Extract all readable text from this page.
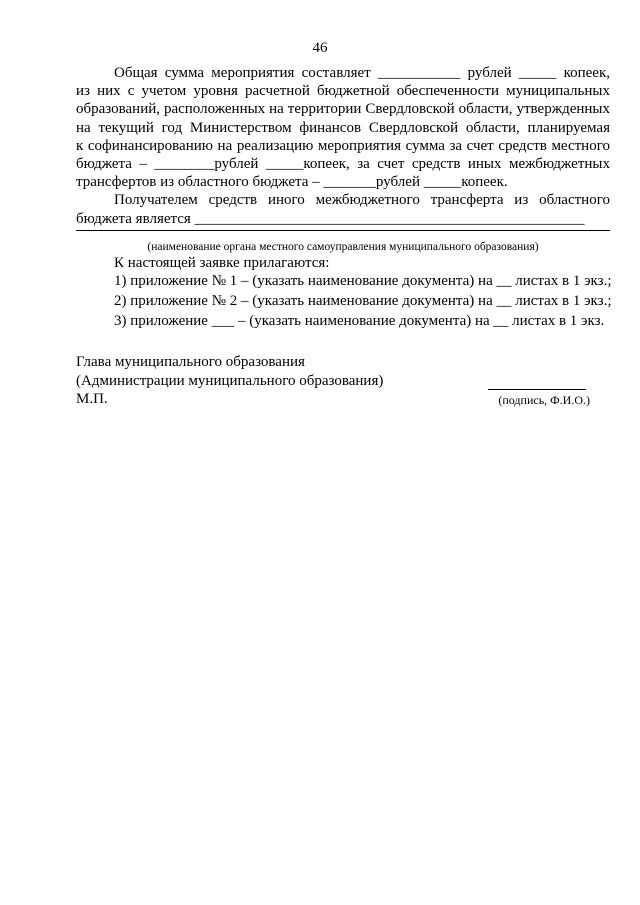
46
Общая сумма мероприятия составляет ___________ рублей _____ копеек,
из них с учетом уровня расчетной бюджетной обеспеченности муниципальных
образований, расположенных на территории Свердловской области, утвержденных
на текущий год Министерством финансов Свердловской области, планируемая
к софинансированию на реализацию мероприятия сумма за счет средств местного
бюджета – ________рублей _____копеек, за счет средств иных межбюджетных
трансфертов из областного бюджета – _______рублей _____копеек.
Получателем средств иного межбюджетного трансферта из областного
бюджета является ____________________________________________________
(наименование органа местного самоуправления муниципального образования)
К настоящей заявке прилагаются:
1) приложение № 1 – (указать наименование документа) на __ листах в 1 экз.;
2) приложение № 2 – (указать наименование документа) на __ листах в 1 экз.;
3) приложение ___ – (указать наименование документа) на __ листах в 1 экз.
Глава муниципального образования
(Администрации муниципального образования)
М.П.	(подпись, Ф.И.О.)
